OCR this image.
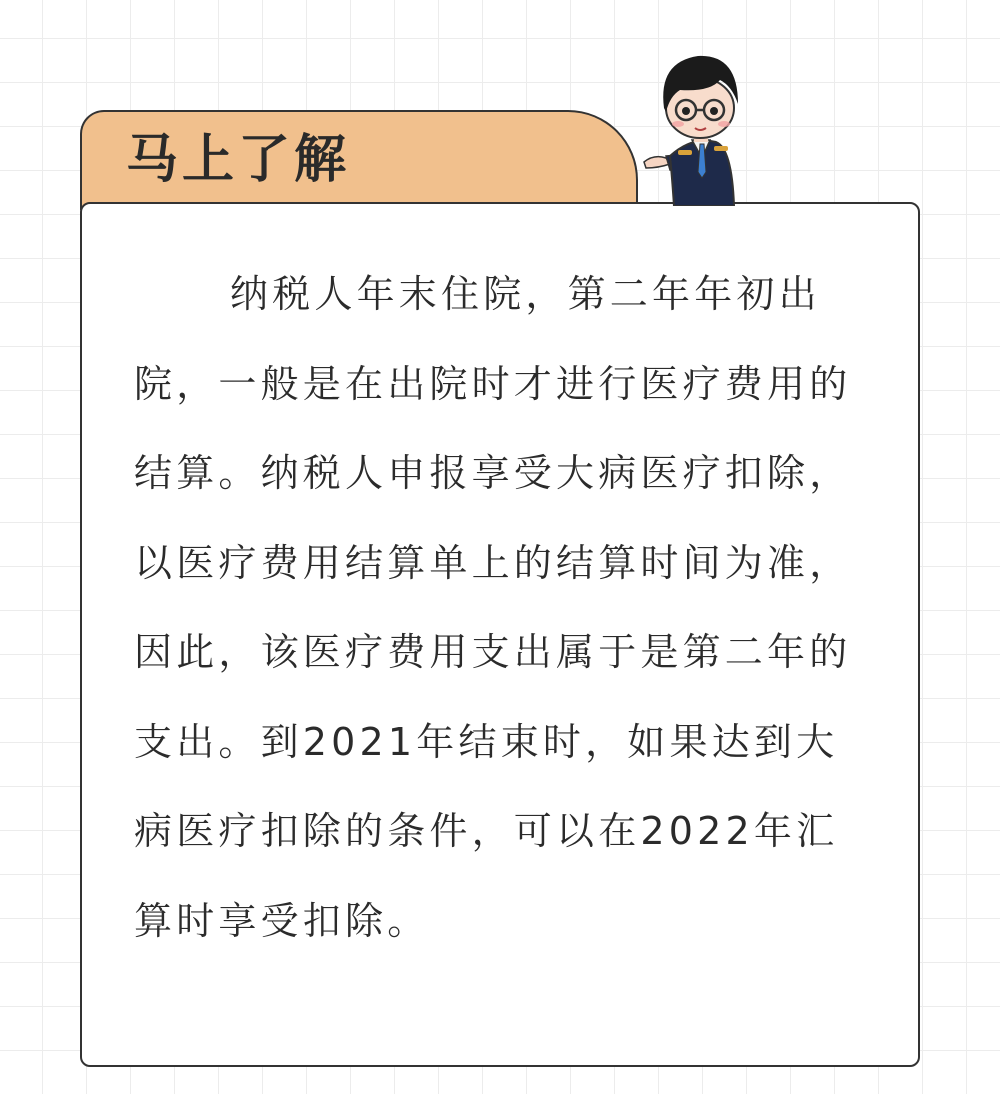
马上了解

纳税人年末住院，第二年年初出院，一般是在出院时才进行医疗费用的结算。纳税人申报享受大病医疗扣除，以医疗费用结算单上的结算时间为准，因此，该医疗费用支出属于是第二年的支出。到2021年结束时，如果达到大病医疗扣除的条件，可以在2022年汇算时享受扣除。
